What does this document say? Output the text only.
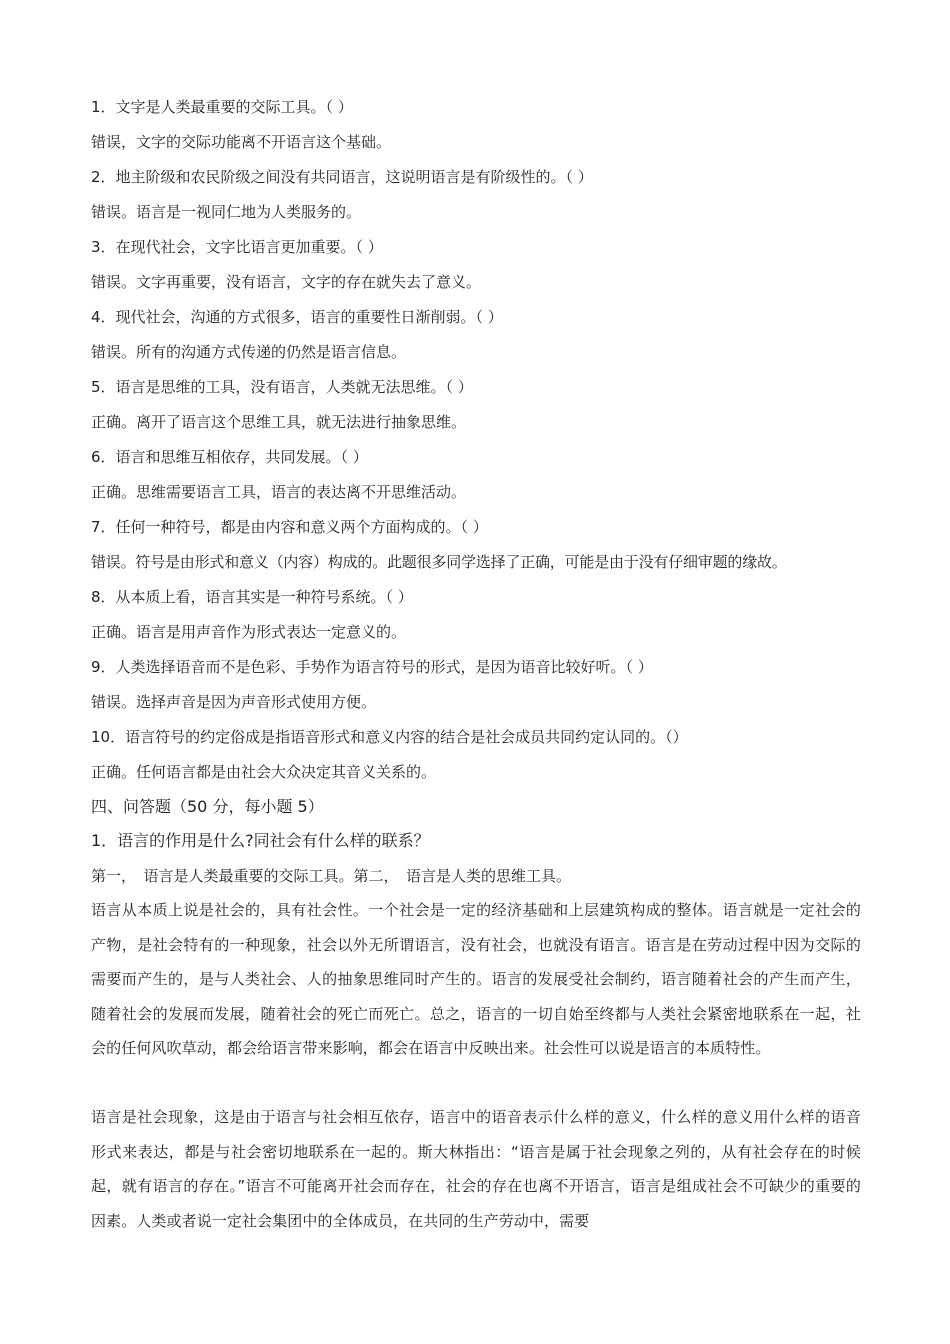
1．文字是人类最重要的交际工具。（ ）
错误，文字的交际功能离不开语言这个基础。
2．地主阶级和农民阶级之间没有共同语言，这说明语言是有阶级性的。（ ）
错误。语言是一视同仁地为人类服务的。
3．在现代社会，文字比语言更加重要。（ ）
错误。文字再重要，没有语言，文字的存在就失去了意义。
4．现代社会，沟通的方式很多，语言的重要性日渐削弱。（ ）
错误。所有的沟通方式传递的仍然是语言信息。
5．语言是思维的工具，没有语言，人类就无法思维。（ ）
正确。离开了语言这个思维工具，就无法进行抽象思维。
6．语言和思维互相依存，共同发展。（ ）
正确。思维需要语言工具，语言的表达离不开思维活动。
7．任何一种符号，都是由内容和意义两个方面构成的。（ ）
错误。符号是由形式和意义（内容）构成的。此题很多同学选择了正确，可能是由于没有仔细审题的缘故。
8．从本质上看，语言其实是一种符号系统。（ ）
正确。语言是用声音作为形式表达一定意义的。
9．人类选择语音而不是色彩、手势作为语言符号的形式，是因为语音比较好听。（ ）
错误。选择声音是因为声音形式使用方便。
10．语言符号的约定俗成是指语音形式和意义内容的结合是社会成员共同约定认同的。（）
正确。任何语言都是由社会大众决定其音义关系的。
四、问答题（50 分，每小题 5）
1．语言的作用是什么?同社会有什么样的联系？
第一，　语言是人类最重要的交际工具。第二，　语言是人类的思维工具。
语言从本质上说是社会的，具有社会性。一个社会是一定的经济基础和上层建筑构成的整体。语言就是一定社会的产物，是社会特有的一种现象，社会以外无所谓语言，没有社会，也就没有语言。语言是在劳动过程中因为交际的需要而产生的，是与人类社会、人的抽象思维同时产生的。语言的发展受社会制约，语言随着社会的产生而产生，随着社会的发展而发展，随着社会的死亡而死亡。总之，语言的一切自始至终都与人类社会紧密地联系在一起，社会的任何风吹草动，都会给语言带来影响，都会在语言中反映出来。社会性可以说是语言的本质特性。
语言是社会现象，这是由于语言与社会相互依存，语言中的语音表示什么样的意义，什么样的意义用什么样的语音形式来表达，都是与社会密切地联系在一起的。斯大林指出：“语言是属于社会现象之列的，从有社会存在的时候起，就有语言的存在。”语言不可能离开社会而存在，社会的存在也离不开语言，语言是组成社会不可缺少的重要的因素。人类或者说一定社会集团中的全体成员，在共同的生产劳动中，需要
